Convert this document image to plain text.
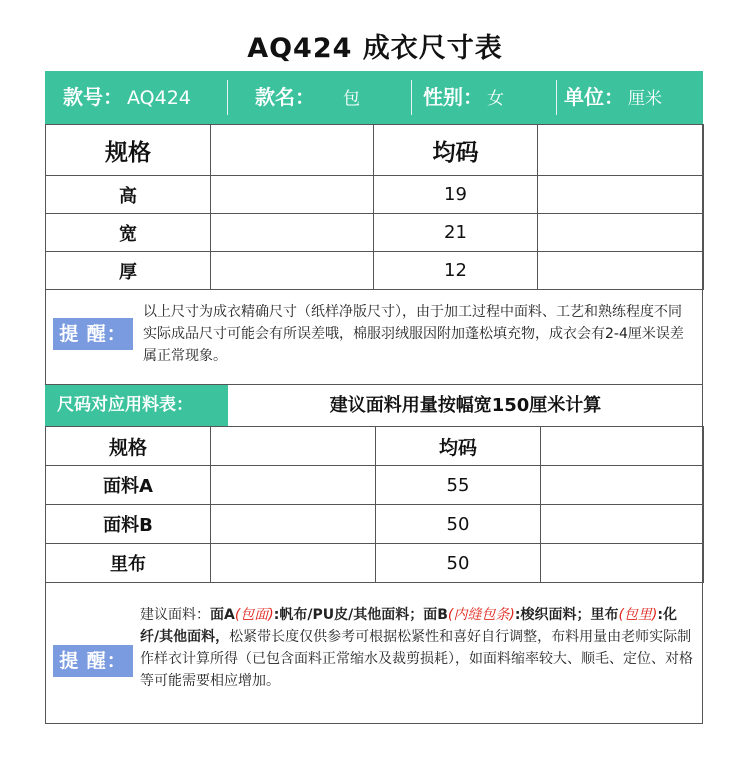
AQ424 成衣尺寸表
款号： AQ424	款名： 包	性别： 女	单位： 厘米
规格		均码	
高		19	
宽		21	
厚		12	
提 醒：
以上尺寸为成衣精确尺寸（纸样净版尺寸），由于加工过程中面料、工艺和熟练程度不同实际成品尺寸可能会有所误差哦，棉服羽绒服因附加蓬松填充物，成衣会有2-4厘米误差属正常现象。
尺码对应用料表：	建议面料用量按幅宽150厘米计算
规格		均码	
面料A		55	
面料B		50	
里布		50	
提 醒：
建议面料：面A(包面):帆布/PU皮/其他面料；面B(内缝包条):梭织面料；里布(包里):化纤/其他面料，松紧带长度仅供参考可根据松紧性和喜好自行调整，布料用量由老师实际制作样衣计算所得（已包含面料正常缩水及裁剪损耗），如面料缩率较大、顺毛、定位、对格等可能需要相应增加。
